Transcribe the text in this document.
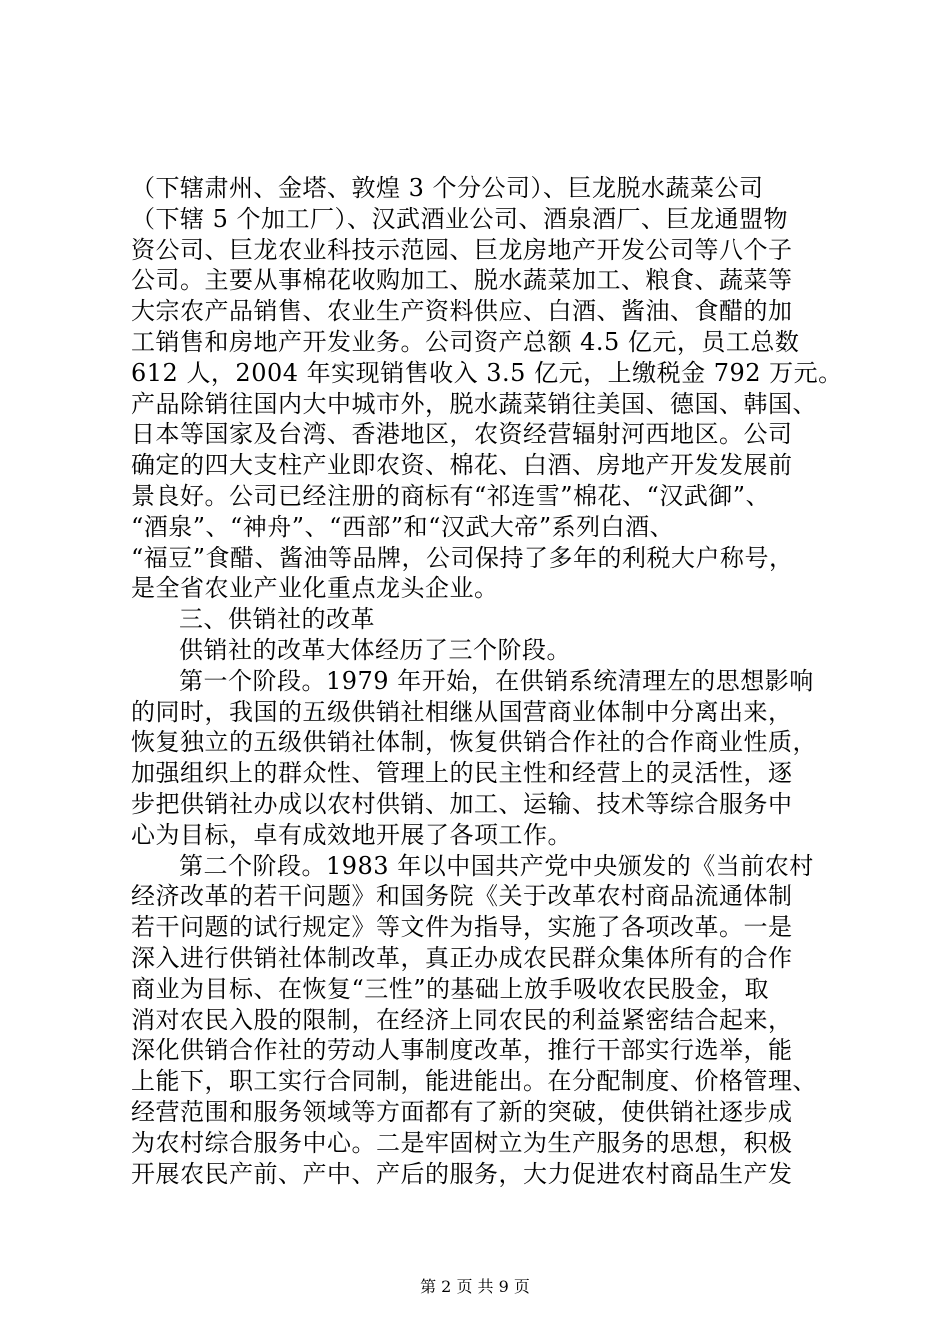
（下辖肃州、金塔、敦煌 3 个分公司）、巨龙脱水蔬菜公司
（下辖 5 个加工厂）、汉武酒业公司、酒泉酒厂、巨龙通盟物
资公司、巨龙农业科技示范园、巨龙房地产开发公司等八个子
公司。主要从事棉花收购加工、脱水蔬菜加工、粮食、蔬菜等
大宗农产品销售、农业生产资料供应、白酒、酱油、食醋的加
工销售和房地产开发业务。公司资产总额 4.5 亿元，员工总数
612 人，2004 年实现销售收入 3.5 亿元，上缴税金 792 万元。
产品除销往国内大中城市外，脱水蔬菜销往美国、德国、韩国、
日本等国家及台湾、香港地区，农资经营辐射河西地区。公司
确定的四大支柱产业即农资、棉花、白酒、房地产开发发展前
景良好。公司已经注册的商标有“祁连雪”棉花、“汉武御”、
“酒泉”、“神舟”、“西部”和“汉武大帝”系列白酒、
“福豆”食醋、酱油等品牌，公司保持了多年的利税大户称号，
是全省农业产业化重点龙头企业。
三、供销社的改革
供销社的改革大体经历了三个阶段。
第一个阶段。1979 年开始，在供销系统清理左的思想影响
的同时，我国的五级供销社相继从国营商业体制中分离出来，
恢复独立的五级供销社体制，恢复供销合作社的合作商业性质，
加强组织上的群众性、管理上的民主性和经营上的灵活性，逐
步把供销社办成以农村供销、加工、运输、技术等综合服务中
心为目标，卓有成效地开展了各项工作。
第二个阶段。1983 年以中国共产党中央颁发的《当前农村
经济改革的若干问题》和国务院《关于改革农村商品流通体制
若干问题的试行规定》等文件为指导，实施了各项改革。一是
深入进行供销社体制改革，真正办成农民群众集体所有的合作
商业为目标、在恢复“三性”的基础上放手吸收农民股金，取
消对农民入股的限制，在经济上同农民的利益紧密结合起来，
深化供销合作社的劳动人事制度改革，推行干部实行选举，能
上能下，职工实行合同制，能进能出。在分配制度、价格管理、
经营范围和服务领域等方面都有了新的突破，使供销社逐步成
为农村综合服务中心。二是牢固树立为生产服务的思想，积极
开展农民产前、产中、产后的服务，大力促进农村商品生产发
第 2 页 共 9 页
